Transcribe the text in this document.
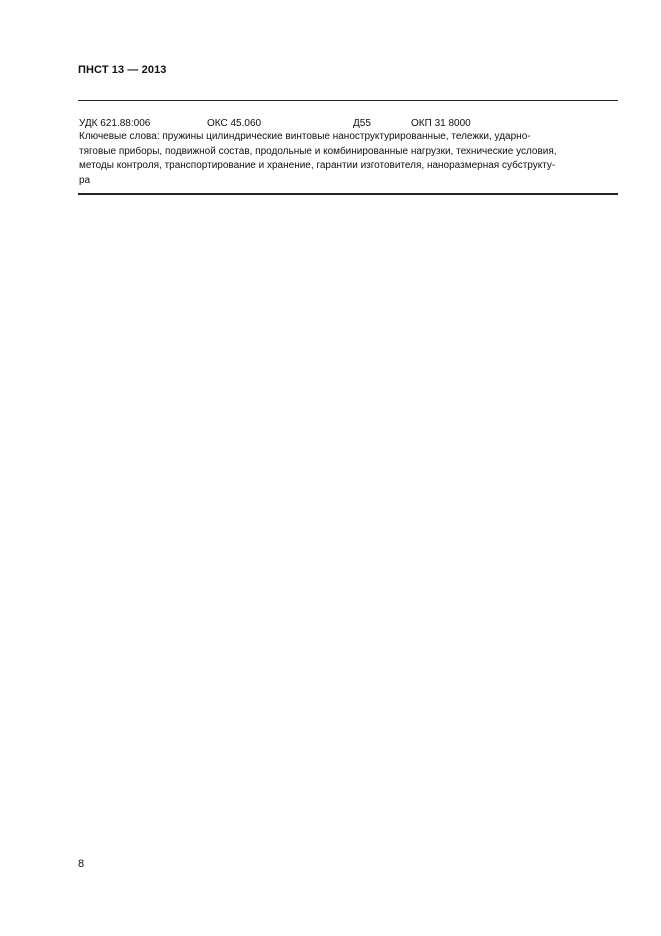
ПНСТ 13 — 2013
УДК 621.88:006	ОКС 45.060	Д55	ОКП 31 8000
Ключевые слова: пружины цилиндрические винтовые наноструктурированные, тележки, ударно-
тяговые приборы, подвижной состав, продольные и комбинированные нагрузки, технические условия,
методы контроля, транспортирование и хранение, гарантии изготовителя, наноразмерная субструкту-
ра
8
